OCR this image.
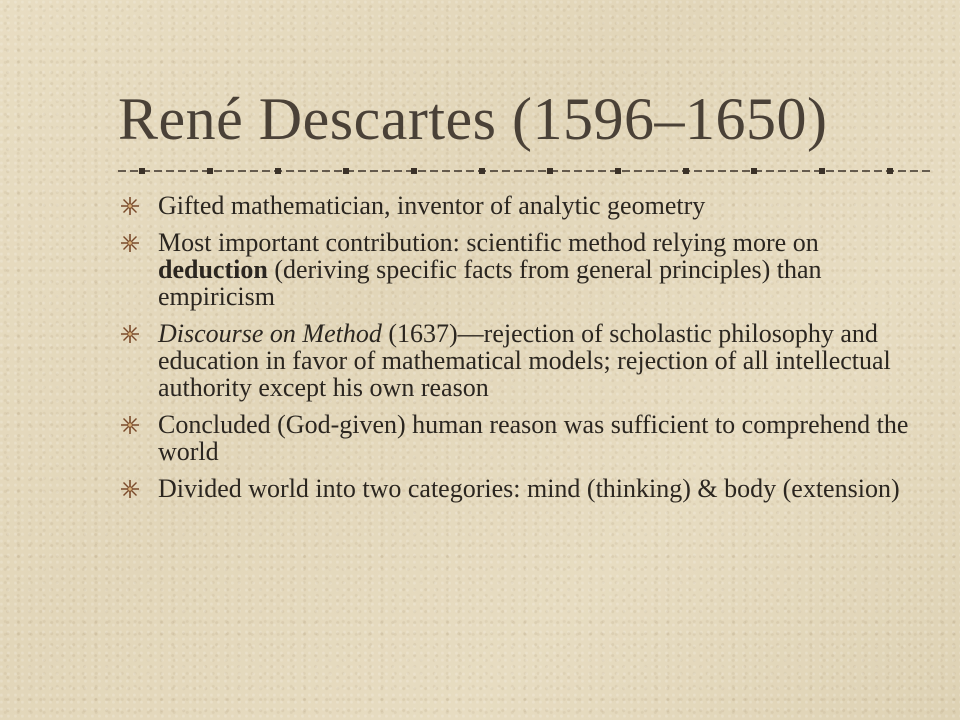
René Descartes (1596–1650)
Gifted mathematician, inventor of analytic geometry
Most important contribution: scientific method relying more on deduction (deriving specific facts from general principles) than empiricism
Discourse on Method (1637)—rejection of scholastic philosophy and education in favor of mathematical models; rejection of all intellectual authority except his own reason
Concluded (God-given) human reason was sufficient to comprehend the world
Divided world into two categories: mind (thinking) & body (extension)
